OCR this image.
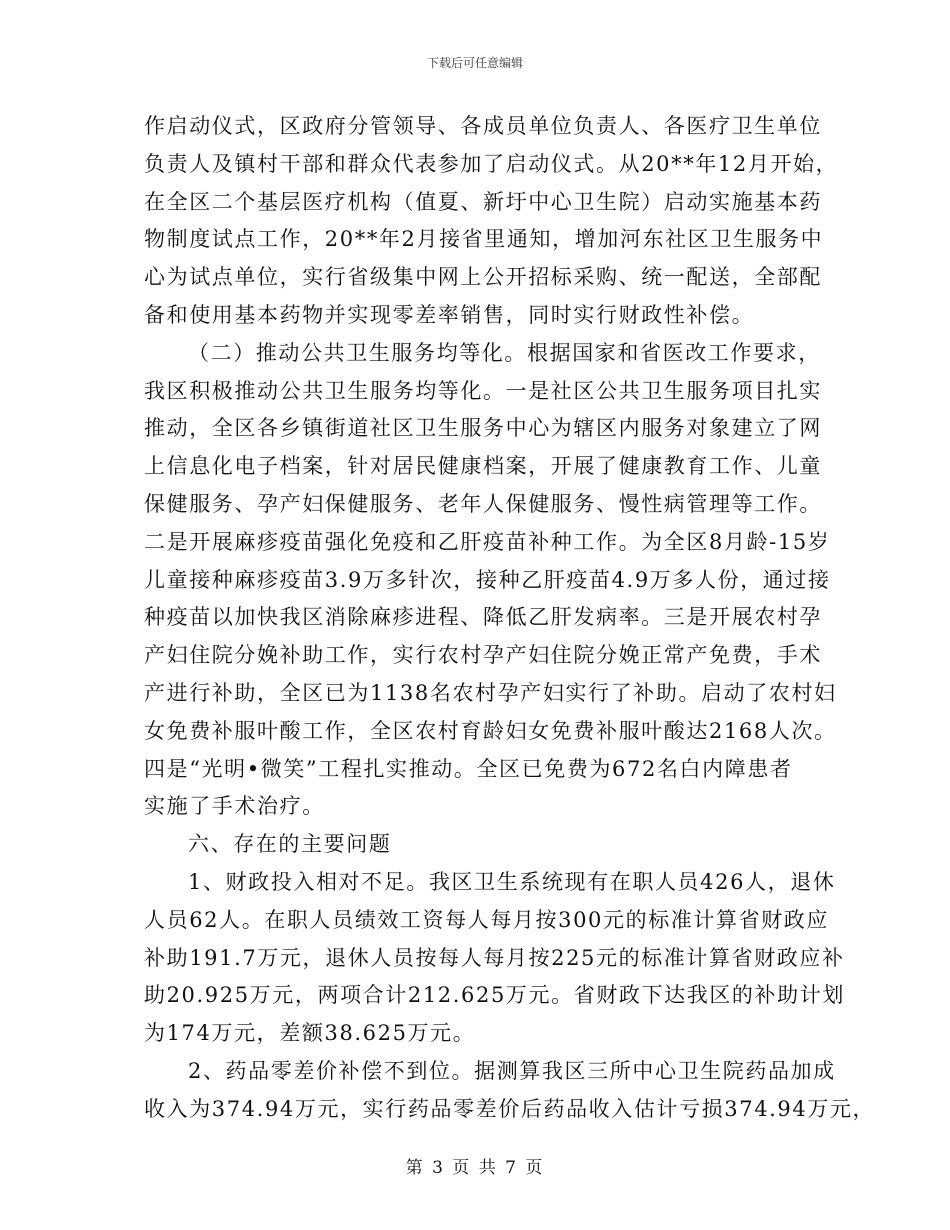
下载后可任意编辑
作启动仪式，区政府分管领导、各成员单位负责人、各医疗卫生单位
负责人及镇村干部和群众代表参加了启动仪式。从20**年12月开始，
在全区二个基层医疗机构（值夏、新圩中心卫生院）启动实施基本药
物制度试点工作，20**年2月接省里通知，增加河东社区卫生服务中
心为试点单位，实行省级集中网上公开招标采购、统一配送，全部配
备和使用基本药物并实现零差率销售，同时实行财政性补偿。
（二）推动公共卫生服务均等化。根据国家和省医改工作要求，
我区积极推动公共卫生服务均等化。一是社区公共卫生服务项目扎实
推动，全区各乡镇街道社区卫生服务中心为辖区内服务对象建立了网
上信息化电子档案，针对居民健康档案，开展了健康教育工作、儿童
保健服务、孕产妇保健服务、老年人保健服务、慢性病管理等工作。
二是开展麻疹疫苗强化免疫和乙肝疫苗补种工作。为全区8月龄-15岁
儿童接种麻疹疫苗3.9万多针次，接种乙肝疫苗4.9万多人份，通过接
种疫苗以加快我区消除麻疹进程、降低乙肝发病率。三是开展农村孕
产妇住院分娩补助工作，实行农村孕产妇住院分娩正常产免费，手术
产进行补助，全区已为1138名农村孕产妇实行了补助。启动了农村妇
女免费补服叶酸工作，全区农村育龄妇女免费补服叶酸达2168人次。
四是“光明•微笑”工程扎实推动。全区已免费为672名白内障患者
实施了手术治疗。
六、存在的主要问题
1、财政投入相对不足。我区卫生系统现有在职人员426人，退休
人员62人。在职人员绩效工资每人每月按300元的标准计算省财政应
补助191.7万元，退休人员按每人每月按225元的标准计算省财政应补
助20.925万元，两项合计212.625万元。省财政下达我区的补助计划
为174万元，差额38.625万元。
2、药品零差价补偿不到位。据测算我区三所中心卫生院药品加成
收入为374.94万元，实行药品零差价后药品收入估计亏损374.94万元，
第 3 页 共 7 页
